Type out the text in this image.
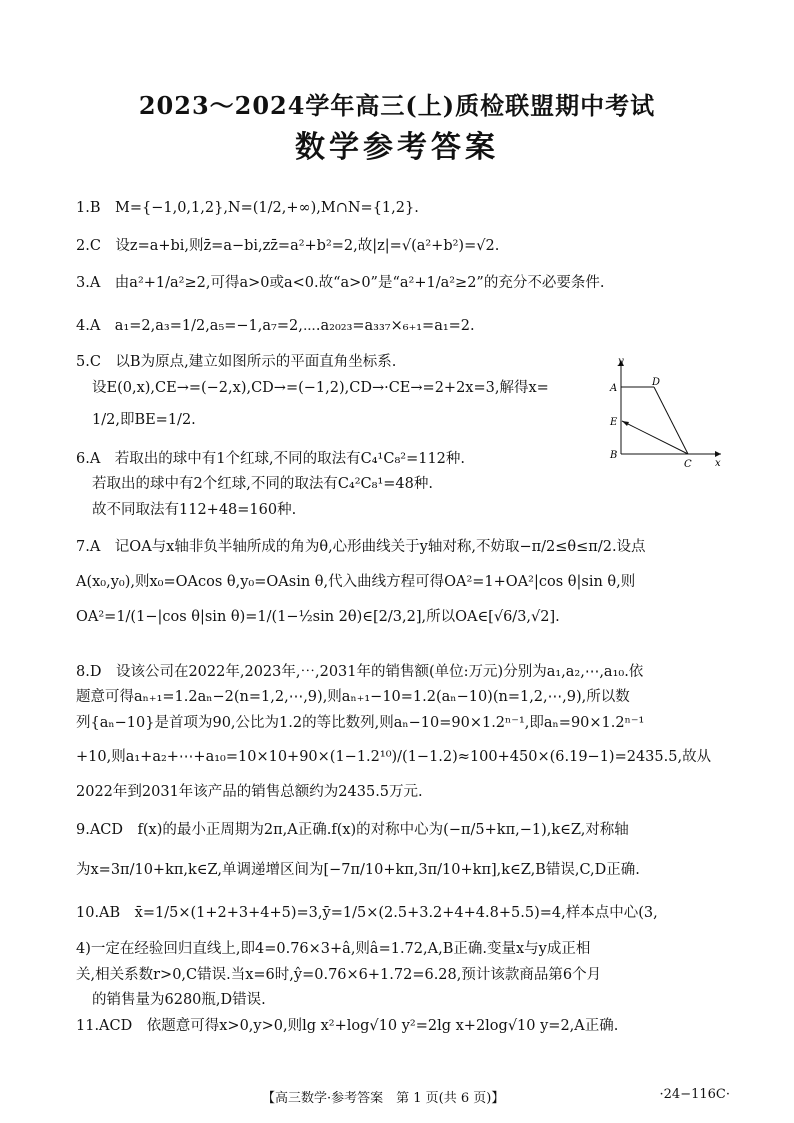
2023～2024学年高三(上)质检联盟期中考试
数学参考答案
1.B　M={−1,0,1,2},N=(1/2,+∞),M∩N={1,2}.
2.C　设z=a+bi,则z̄=a−bi,zz̄=a²+b²=2,故|z|=√(a²+b²)=√2.
3.A　由a²+1/a²≥2,可得a>0或a<0.故“a>0”是“a²+1/a²≥2”的充分不必要条件.
4.A　a₁=2,a₃=1/2,a₅=−1,a₇=2,⋯.a₂₀₂₃=a₃₃₇×₆₊₁=a₁=2.
5.C　以B为原点,建立如图所示的平面直角坐标系.
设E(0,x),CE→=(−2,x),CD→=(−1,2),CD→·CE→=2+2x=3,解得x=
1/2,即BE=1/2.
6.A　若取出的球中有1个红球,不同的取法有C₄¹C₈²=112种.
若取出的球中有2个红球,不同的取法有C₄²C₈¹=48种.
故不同取法有112+48=160种.
7.A　记OA与x轴非负半轴所成的角为θ,心形曲线关于y轴对称,不妨取−π/2≤θ≤π/2.设点
A(x₀,y₀),则x₀=OAcos θ,y₀=OAsin θ,代入曲线方程可得OA²=1+OA²|cos θ|sin θ,则
OA²=1/(1−|cos θ|sin θ)=1/(1−½sin 2θ)∈[2/3,2],所以OA∈[√6/3,√2].
8.D　设该公司在2022年,2023年,⋯,2031年的销售额(单位:万元)分别为a₁,a₂,⋯,a₁₀.依
题意可得aₙ₊₁=1.2aₙ−2(n=1,2,⋯,9),则aₙ₊₁−10=1.2(aₙ−10)(n=1,2,⋯,9),所以数
列{aₙ−10}是首项为90,公比为1.2的等比数列,则aₙ−10=90×1.2ⁿ⁻¹,即aₙ=90×1.2ⁿ⁻¹
+10,则a₁+a₂+⋯+a₁₀=10×10+90×(1−1.2¹⁰)/(1−1.2)≈100+450×(6.19−1)=2435.5,故从
2022年到2031年该产品的销售总额约为2435.5万元.
9.ACD　f(x)的最小正周期为2π,A正确.f(x)的对称中心为(−π/5+kπ,−1),k∈Z,对称轴
为x=3π/10+kπ,k∈Z,单调递增区间为[−7π/10+kπ,3π/10+kπ],k∈Z,B错误,C,D正确.
10.AB　x̄=1/5×(1+2+3+4+5)=3,ȳ=1/5×(2.5+3.2+4+4.8+5.5)=4,样本点中心(3,
4)一定在经验回归直线上,即4=0.76×3+â,则â=1.72,A,B正确.变量x与y成正相
关,相关系数r>0,C错误.当x=6时,ŷ=0.76×6+1.72=6.28,预计该款商品第6个月
的销售量为6280瓶,D错误.
11.ACD　依题意可得x>0,y>0,则lg x²+log√10 y²=2lg x+2log√10 y=2,A正确.
y
A
D
E
B
C x
【高三数学·参考答案　第 1 页(共 6 页)】	·24−116C·
